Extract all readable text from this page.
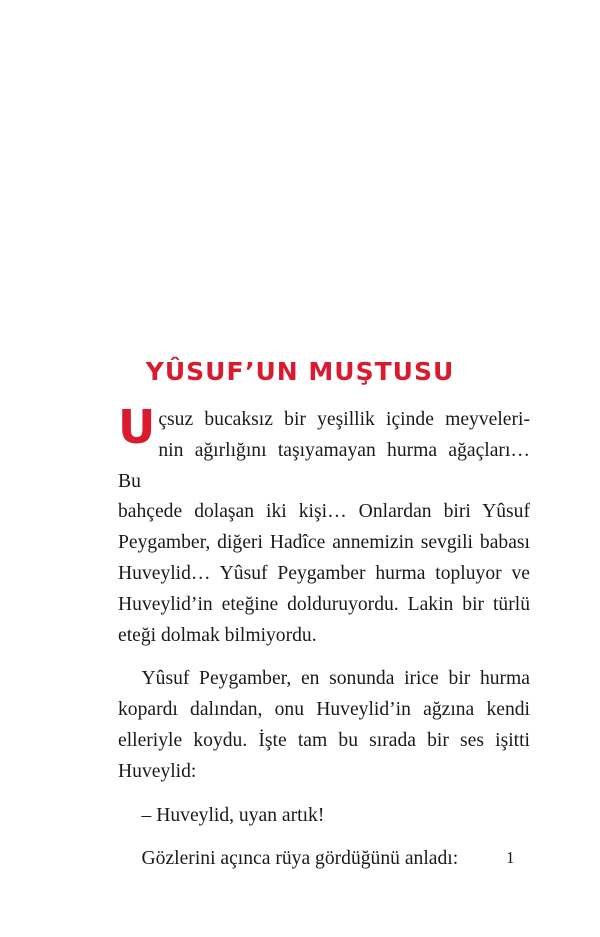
YÛSUF’UN MUŞTUSU

U çsuz bucaksız bir yeşillik içinde meyveleri-
nin ağırlığını taşıyamayan hurma ağaçları… Bu
bahçede dolaşan iki kişi… Onlardan biri Yûsuf
Peygamber, diğeri Hadîce annemizin sevgili babası
Huveylid… Yûsuf Peygamber hurma topluyor ve
Huveylid’in eteğine dolduruyordu. Lakin bir türlü
eteği dolmak bilmiyordu.

Yûsuf Peygamber, en sonunda irice bir hurma
kopardı dalından, onu Huveylid’in ağzına kendi
elleriyle koydu. İşte tam bu sırada bir ses işitti
Huveylid:

– Huveylid, uyan artık!

Gözlerini açınca rüya gördüğünü anladı:	1
